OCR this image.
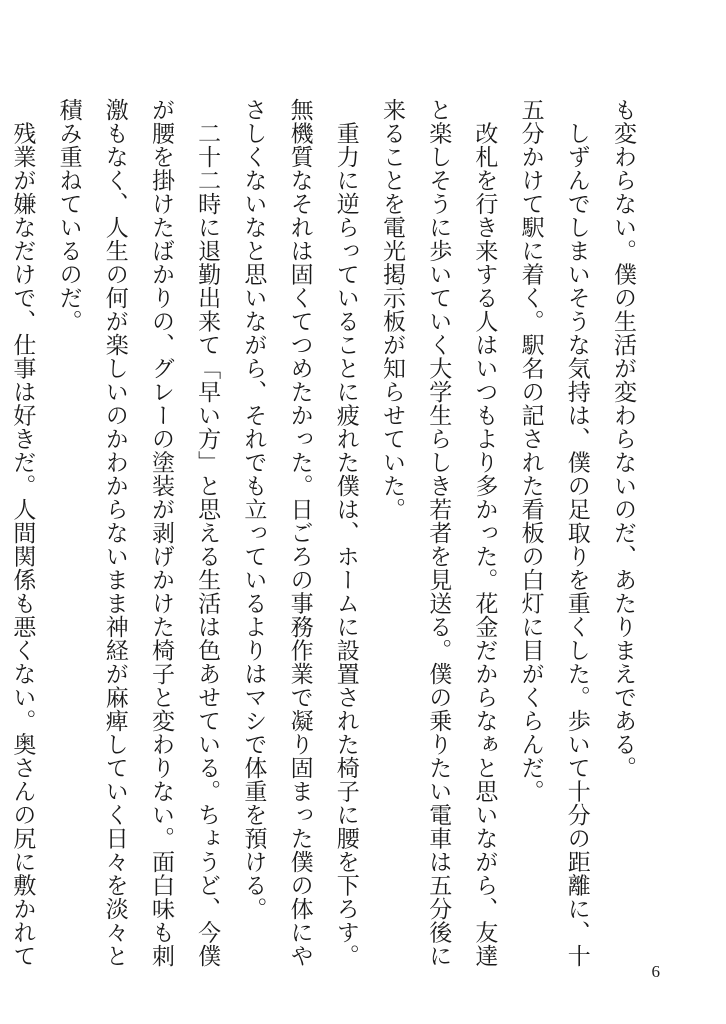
も変わらない。僕の生活が変わらないのだ、あたりまえである。

　しずんでしまいそうな気持は、僕の足取りを重くした。歩いて十分の距離に、十五分かけて駅に着く。駅名の記された看板の白灯に目がくらんだ。

　改札を行き来する人はいつもより多かった。花金だからなぁと思いながら、友達と楽しそうに歩いていく大学生らしき若者を見送る。僕の乗りたい電車は五分後に来ることを電光掲示板が知らせていた。

　重力に逆らっていることに疲れた僕は、ホームに設置された椅子に腰を下ろす。無機質なそれは固くてつめたかった。日ごろの事務作業で凝り固まった僕の体にやさしくないなと思いながら、それでも立っているよりはマシで体重を預ける。

　二十二時に退勤出来て「早い方」と思える生活は色あせている。ちょうど、今僕が腰を掛けたばかりの、グレーの塗装が剥げかけた椅子と変わりない。面白味も刺激もなく、人生の何が楽しいのかわからないまま神経が麻痺していく日々を淡々と積み重ねているのだ。

　残業が嫌なだけで、仕事は好きだ。人間関係も悪くない。奥さんの尻に敷かれて　

6
